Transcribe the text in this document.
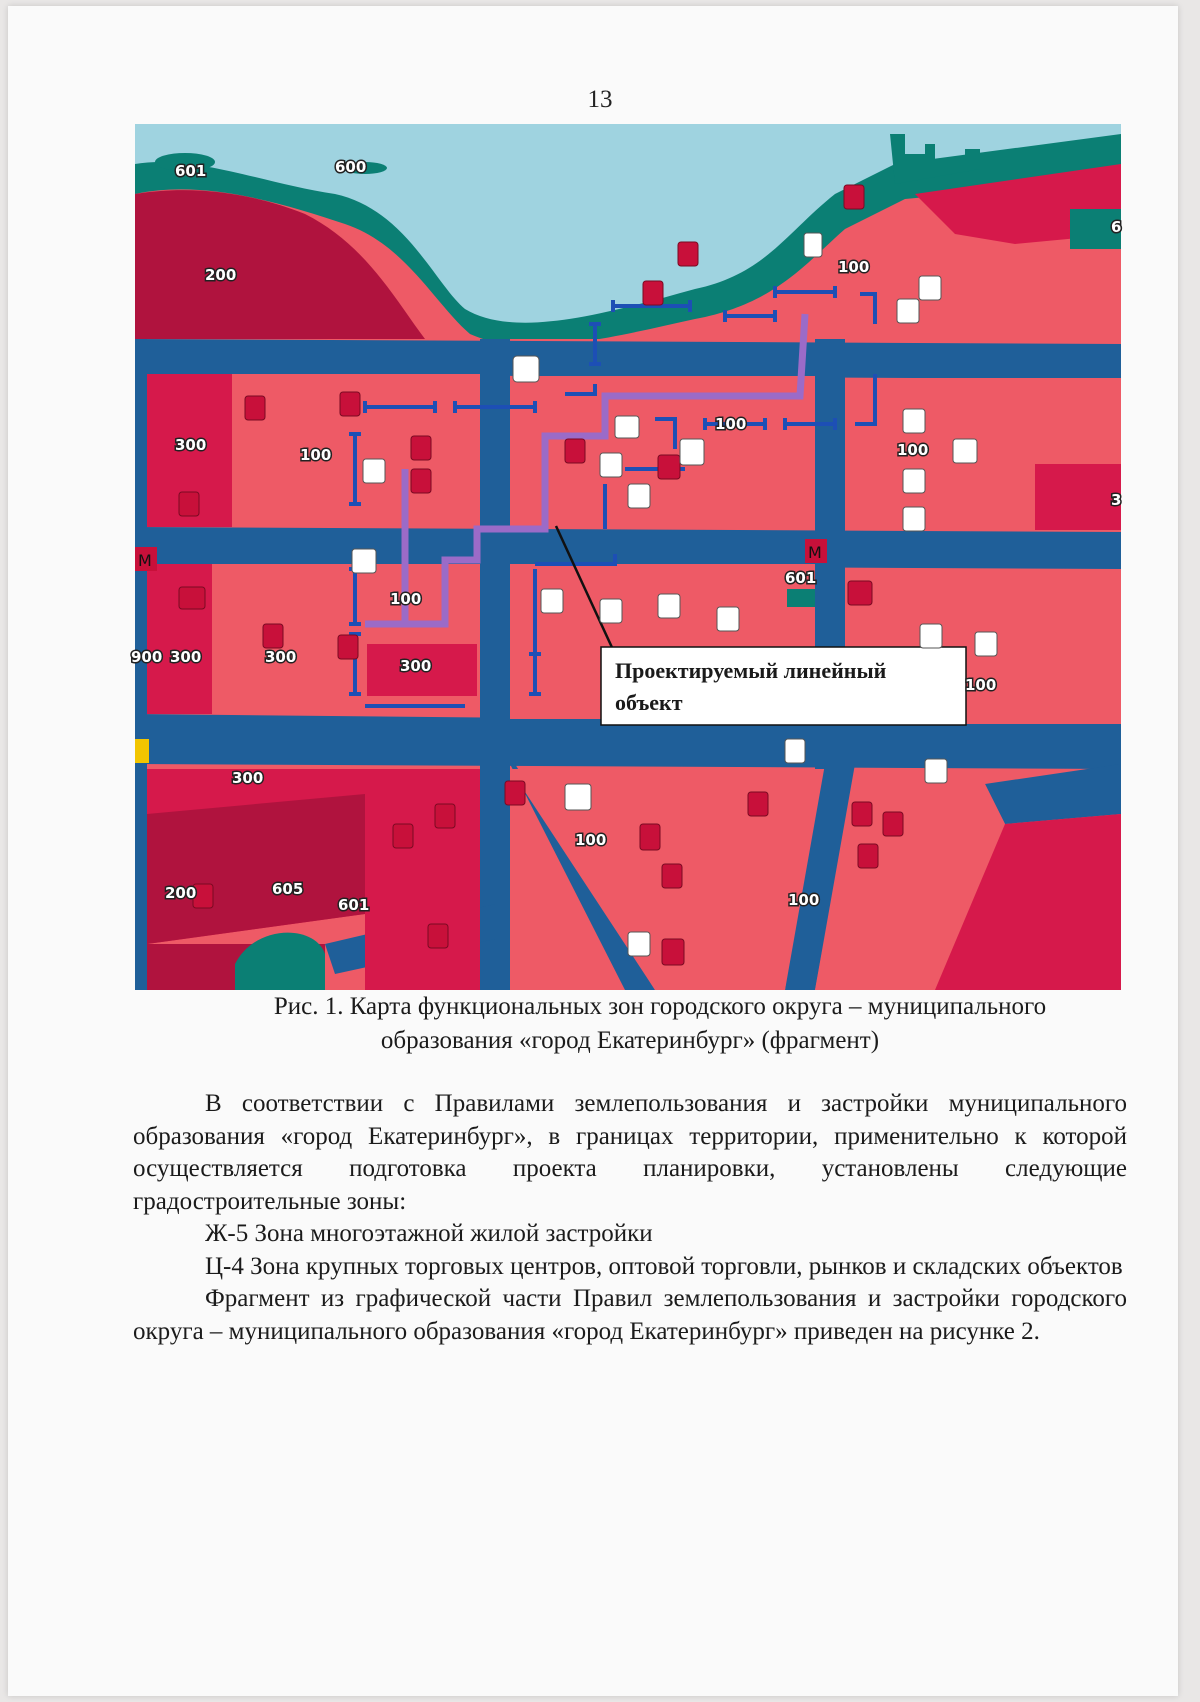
13
Проектируемый линейный
объект
M	M
601	600
200	100
300
100
100
100
601
100
300	300	300
900
100
300
100
200	605
601	100
6
3
Рис. 1. Карта функциональных зон городского округа – муниципального
образования «город Екатеринбург» (фрагмент)

В соответствии с Правилами землепользования и застройки муниципального образования «город Екатеринбург», в границах территории, применительно к которой осуществляется подготовка проекта планировки, установлены следующие градостроительные зоны:

Ж-5 Зона многоэтажной жилой застройки

Ц-4 Зона крупных торговых центров, оптовой торговли, рынков и складских объектов

Фрагмент из графической части Правил землепользования и застройки городского округа – муниципального образования «город Екатеринбург» приведен на рисунке 2.
